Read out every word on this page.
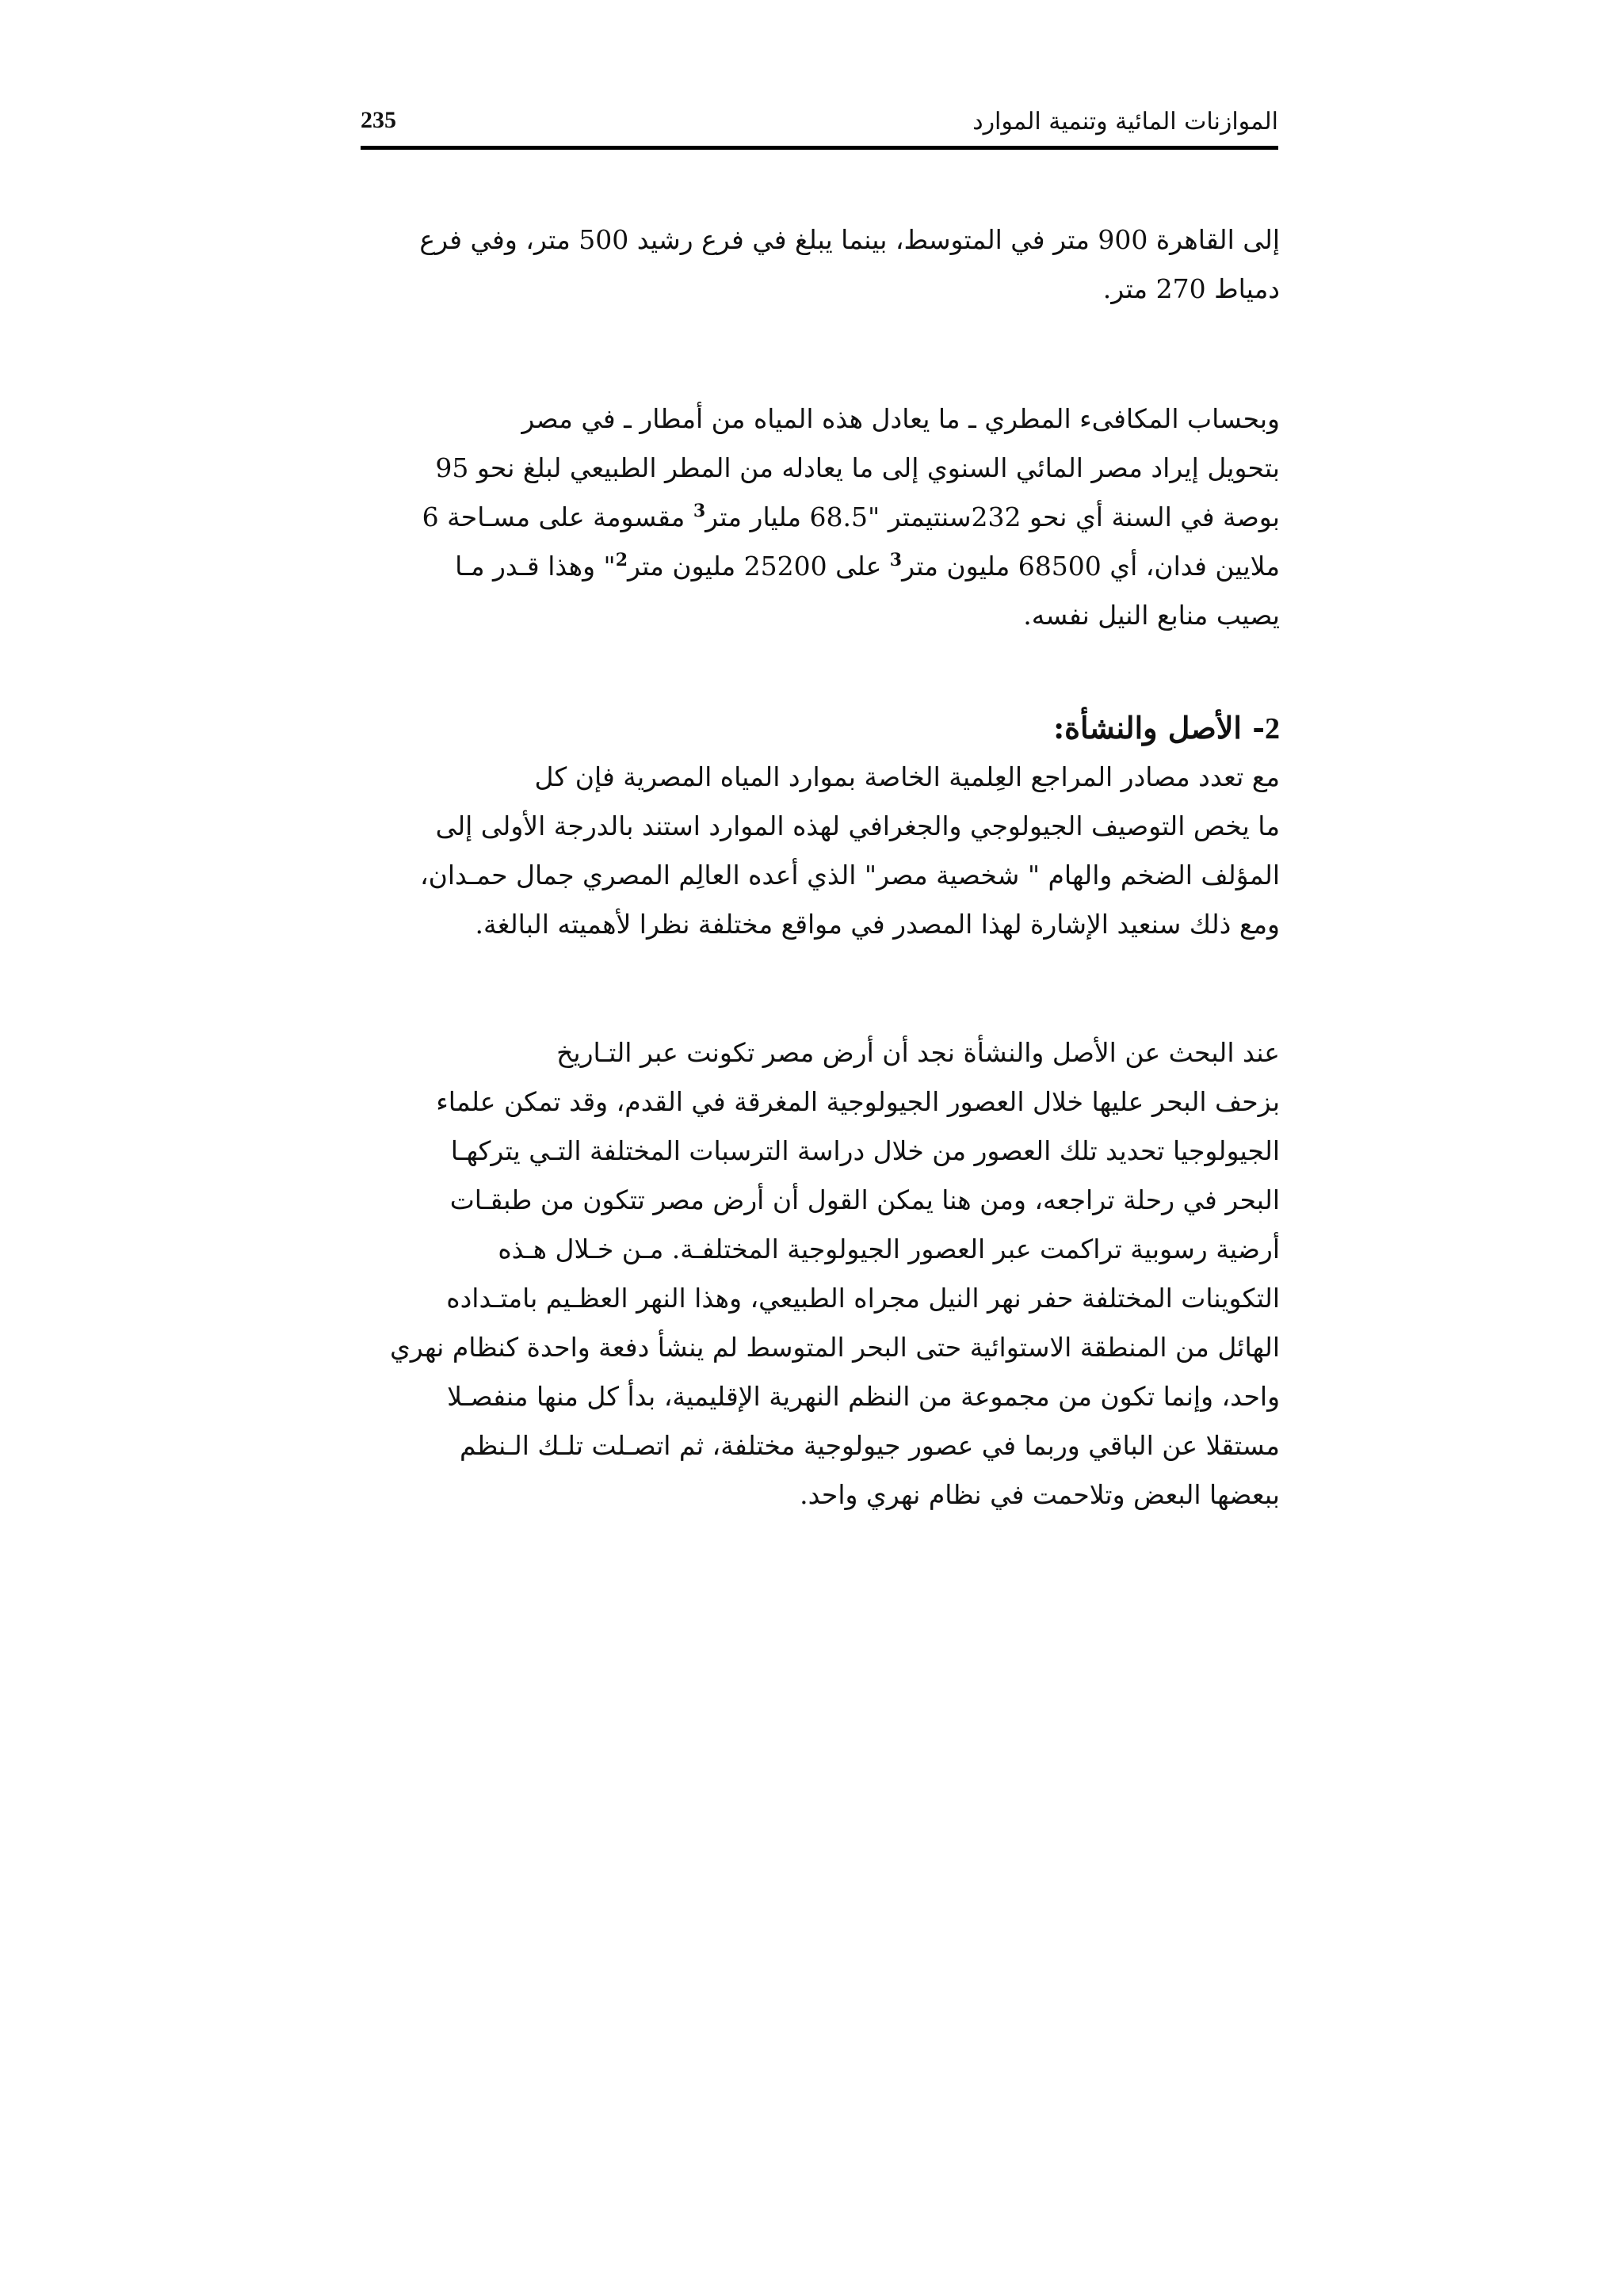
الموازنات المائية وتنمية الموارد
235

إلى القاهرة 900 متر في المتوسط، بينما يبلغ في فرع رشيد 500 متر، وفي فرع
دمياط 270 متر.

وبحساب المكافىء المطري ـ ما يعادل هذه المياه من أمطار ـ في مصر
بتحويل إيراد مصر المائي السنوي إلى ما يعادله من المطر الطبيعي لبلغ نحو 95
بوصة في السنة أي نحو 232سنتيمتر "68.5 مليار متر$^3$ مقسومة على مسـاحة 6
ملايين فدان، أي 68500 مليون متر$^3$ على 25200 مليون متر$^2$" وهذا قـدر مـا
يصيب منابع النيل نفسه.

2- الأصل والنشأة:

مع تعدد مصادر المراجع العِلمية الخاصة بموارد المياه المصرية فإن كل
ما يخص التوصيف الجيولوجي والجغرافي لهذه الموارد استند بالدرجة الأولى إلى
المؤلف الضخم والهام " شخصية مصر" الذي أعده العالِم المصري جمال حمـدان،
ومع ذلك سنعيد الإشارة لهذا المصدر في مواقع مختلفة نظرا لأهميته البالغة.

عند البحث عن الأصل والنشأة نجد أن أرض مصر تكونت عبر التـاريخ
بزحف البحر عليها خلال العصور الجيولوجية المغرقة في القدم، وقد تمكن علماء
الجيولوجيا تحديد تلك العصور من خلال دراسة الترسبات المختلفة التـي يتركهـا
البحر في رحلة تراجعه، ومن هنا يمكن القول أن أرض مصر تتكون من طبقـات
أرضية رسوبية تراكمت عبر العصور الجيولوجية المختلفـة. مـن خـلال هـذه
التكوينات المختلفة حفر نهر النيل مجراه الطبيعي، وهذا النهر العظـيم بامتـداده
الهائل من المنطقة الاستوائية حتى البحر المتوسط لم ينشأ دفعة واحدة كنظام نهري
واحد، وإنما تكون من مجموعة من النظم النهرية الإقليمية، بدأ كل منها منفصـلا
مستقلا عن الباقي وربما في عصور جيولوجية مختلفة، ثم اتصـلت تلـك الـنظم
ببعضها البعض وتلاحمت في نظام نهري واحد.
